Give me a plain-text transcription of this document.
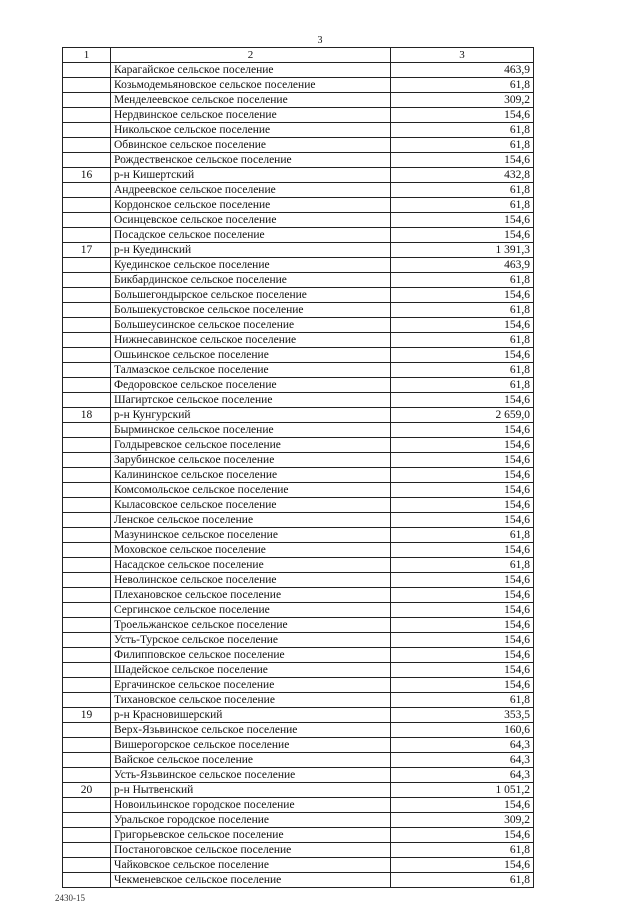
3
1	2	3
	Карагайское сельское поселение	463,9
	Козьмодемьяновское сельское поселение	61,8
	Менделеевское сельское поселение	309,2
	Нердвинское сельское поселение	154,6
	Никольское сельское поселение	61,8
	Обвинское сельское поселение	61,8
	Рождественское сельское поселение	154,6
16	р-н Кишертский	432,8
	Андреевское сельское поселение	61,8
	Кордонское сельское поселение	61,8
	Осинцевское сельское поселение	154,6
	Посадское сельское поселение	154,6
17	р-н Куединский	1 391,3
	Куединское сельское поселение	463,9
	Бикбардинское сельское поселение	61,8
	Большегондырское сельское поселение	154,6
	Большекустовское сельское поселение	61,8
	Большеусинское сельское поселение	154,6
	Нижнесавинское сельское поселение	61,8
	Ошьинское сельское поселение	154,6
	Талмазское сельское поселение	61,8
	Федоровское сельское поселение	61,8
	Шагиртское сельское поселение	154,6
18	р-н Кунгурский	2 659,0
	Бырминское сельское поселение	154,6
	Голдыревское сельское поселение	154,6
	Зарубинское сельское поселение	154,6
	Калининское сельское поселение	154,6
	Комсомольское сельское поселение	154,6
	Кыласовское сельское поселение	154,6
	Ленское сельское поселение	154,6
	Мазунинское сельское поселение	61,8
	Моховское сельское поселение	154,6
	Насадское сельское поселение	61,8
	Неволинское сельское поселение	154,6
	Плехановское сельское поселение	154,6
	Сергинское сельское поселение	154,6
	Троельжанское сельское поселение	154,6
	Усть-Турское сельское поселение	154,6
	Филипповское сельское поселение	154,6
	Шадейское сельское поселение	154,6
	Ергачинское сельское поселение	154,6
	Тихановское сельское поселение	61,8
19	р-н Красновишерский	353,5
	Верх-Язьвинское сельское поселение	160,6
	Вишерогорское сельское поселение	64,3
	Вайское сельское поселение	64,3
	Усть-Язьвинское сельское поселение	64,3
20	р-н Нытвенский	1 051,2
	Новоильинское городское поселение	154,6
	Уральское городское поселение	309,2
	Григорьевское сельское поселение	154,6
	Постаноговское сельское поселение	61,8
	Чайковское сельское поселение	154,6
	Чекменевское сельское поселение	61,8
2430-15
